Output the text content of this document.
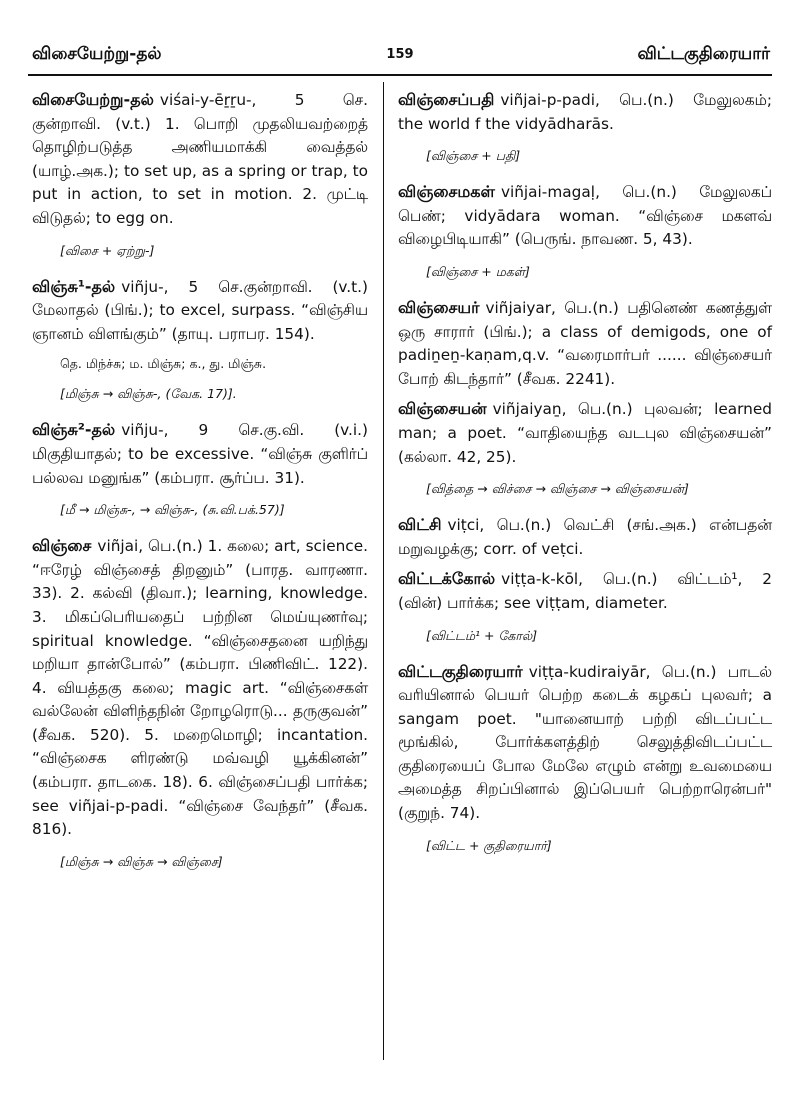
விசையேற்று-தல்	159	விட்டகுதிரையார்

விசையேற்று-தல் viśai-y-ēṟṟu-, 5 செ. குன்றாவி. (v.t.) 1. பொறி முதலியவற்றைத் தொழிற்படுத்த அணியமாக்கி வைத்தல் (யாழ்.அக.); to set up, as a spring or trap, to put in action, to set in motion. 2. முட்டி விடுதல்; to egg on.

[விசை + ஏற்று-]

விஞ்சு¹-தல் viñju-, 5 செ.குன்றாவி. (v.t.) மேலாதல் (பிங்.); to excel, surpass. “விஞ்சிய ஞானம் விளங்கும்” (தாயு. பராபர. 154).

தெ. மிந்ச்சு; ம. மிஞ்சு; க., து. மிஞ்சு.

[மிஞ்சு → விஞ்சு-, (வேக. 17)].

விஞ்சு²-தல் viñju-, 9 செ.கு.வி. (v.i.) மிகுதியாதல்; to be excessive. “விஞ்சு குளிர்ப் பல்லவ மனுங்க” (கம்பரா. சூர்ப்ப. 31).

[மீ → மிஞ்சு-, → விஞ்சு-, (சு.வி.பக்.57)]

விஞ்சை viñjai, பெ.(n.) 1. கலை; art, science. “ஈரேழ் விஞ்சைத் திறனும்” (பாரத. வாரணா. 33). 2. கல்வி (திவா.); learning, knowledge. 3. மிகப்பெரியதைப் பற்றின மெய்யுணர்வு; spiritual knowledge. “விஞ்சைதனை யறிந்து மறியா தான்போல்” (கம்பரா. பிணிவிட். 122). 4. வியத்தகு கலை; magic art. “விஞ்சைகள் வல்லேன் விளிந்தநின் றோழரொடு... தருகுவன்” (சீவக. 520). 5. மறைமொழி; incantation. “விஞ்சைக ளிரண்டு மவ்வழி யூக்கினன்” (கம்பரா. தாடகை. 18). 6. விஞ்சைப்பதி பார்க்க; see viñjai-p-padi. “விஞ்சை வேந்தர்” (சீவக. 816).

[மிஞ்சு → விஞ்சு → விஞ்சை]

விஞ்சைப்பதி viñjai-p-padi, பெ.(n.) மேலுலகம்; the world f the vidyādharās.

[விஞ்சை + பதி]

விஞ்சைமகள் viñjai-magaḷ, பெ.(n.) மேலுலகப் பெண்; vidyādara woman. “விஞ்சை மகளவ் விழைபிடியாகி” (பெருங். நாவண. 5, 43).

[விஞ்சை + மகள்]

விஞ்சையர் viñjaiyar, பெ.(n.) பதினெண் கணத்துள் ஒரு சாரார் (பிங்.); a class of demigods, one of padiṉeṉ-kaṇam,q.v. “வரைமார்பர் ...... விஞ்சையர் போற் கிடந்தார்” (சீவக. 2241).

விஞ்சையன் viñjaiyaṉ, பெ.(n.) புலவன்; learned man; a poet. “வாதியைந்த வடபுல விஞ்சையன்” (கல்லா. 42, 25).

[வித்தை → விச்சை → விஞ்சை → விஞ்சையன்]

விட்சி viṭci, பெ.(n.) வெட்சி (சங்.அக.) என்பதன் மறுவழக்கு; corr. of veṭci.

விட்டக்கோல் viṭṭa-k-kōl, பெ.(n.) விட்டம்¹, 2 (வின்) பார்க்க; see viṭṭam, diameter.

[விட்டம்¹ + கோல்]

விட்டகுதிரையார் viṭṭa-kudiraiyār, பெ.(n.) பாடல் வரியினால் பெயர் பெற்ற கடைக் கழகப் புலவர்; a sangam poet. "யானையாற் பற்றி விடப்பட்ட மூங்கில், போர்க்களத்திற் செலுத்திவிடப்பட்ட குதிரையைப் போல மேலே எழும் என்று உவமையை அமைத்த சிறப்பினால் இப்பெயர் பெற்றாரென்பர்" (குறுந். 74).

[விட்ட + குதிரையார்]
